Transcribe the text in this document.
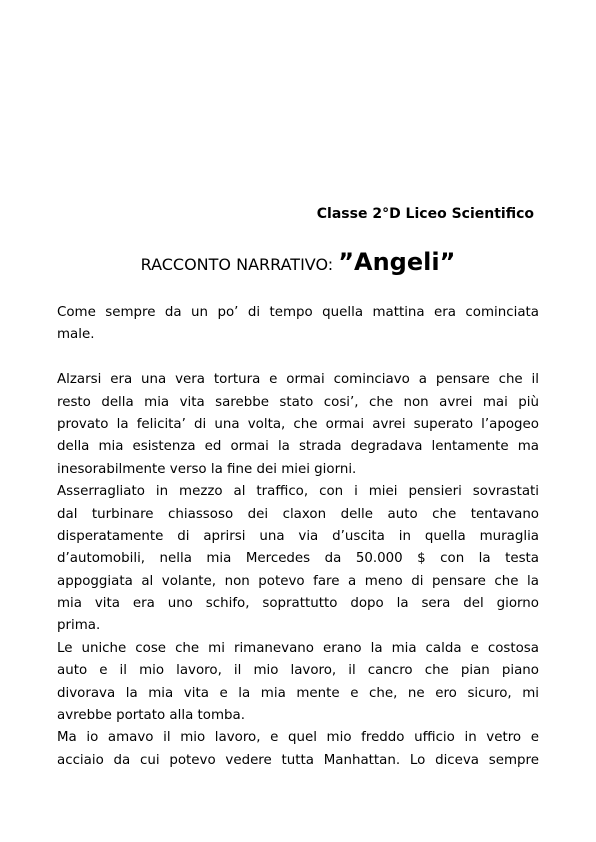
Classe 2°D Liceo Scientifico
RACCONTO NARRATIVO: ”Angeli”
Come sempre da un po’ di tempo quella mattina era cominciata
male.
Alzarsi era una vera tortura e ormai cominciavo a pensare che il
resto della mia vita sarebbe stato cosi’, che non avrei mai più
provato la felicita’ di una volta, che ormai avrei superato l’apogeo
della mia esistenza ed ormai la strada degradava lentamente ma
inesorabilmente verso la fine dei miei giorni.
Asserragliato in mezzo al traffico, con i miei pensieri sovrastati
dal turbinare chiassoso dei claxon delle auto che tentavano
disperatamente di aprirsi una via d’uscita in quella muraglia
d’automobili, nella mia Mercedes da 50.000 $ con la testa
appoggiata al volante, non potevo fare a meno di pensare che la
mia vita era uno schifo, soprattutto dopo la sera del giorno
prima.
Le uniche cose che mi rimanevano erano la mia calda e costosa
auto e il mio lavoro, il mio lavoro, il cancro che pian piano
divorava la mia vita e la mia mente e che, ne ero sicuro, mi
avrebbe portato alla tomba.
Ma io amavo il mio lavoro, e quel mio freddo ufficio in vetro e
acciaio da cui potevo vedere tutta Manhattan. Lo diceva sempre
